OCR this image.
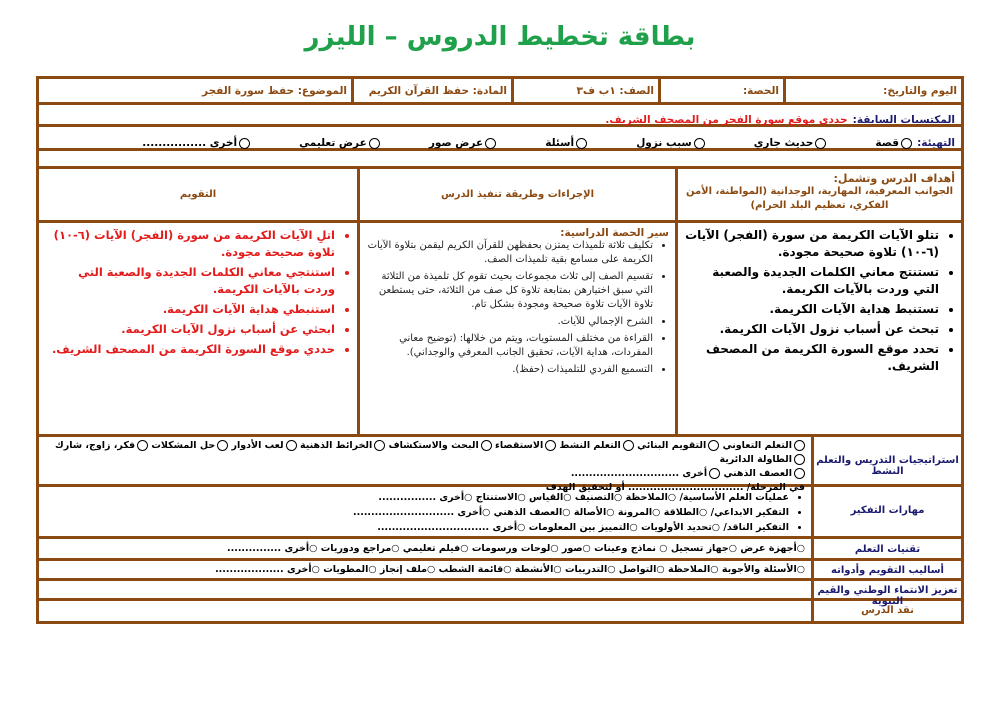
بطاقة تخطيط الدروس – الليزر
اليوم والتاريخ:
الحصة:
الصف: ١ب ف٣
المادة: حفظ القرآن الكريم
الموضوع: حفظ سورة الفجر
المكتسبات السابقة: حددي موقع سورة الفجر من المصحف الشريف.
التهيئة: قصة حديث جاري سبب نزول أسئلة عرض صور عرض تعليمي أخرى ................
أهداف الدرس وتشمل:
الجوانب المعرفية، المهارية، الوجدانية (المواطنة، الأمن
الفكري، تعظيم البلد الحرام)
الإجراءات وطريقة تنفيذ الدرس
التقويم
• تتلو الآيات الكريمة من سورة (الفجر) الآيات (٦-١٠) تلاوة صحيحة مجودة.
• تستنتج معاني الكلمات الجديدة والصعبة التي وردت بالآيات الكريمة.
• تستنبط هداية الآيات الكريمة.
• تبحث عن أسباب نزول الآيات الكريمة.
• تحدد موقع السورة الكريمة من المصحف الشريف.
سير الحصة الدراسية:
• تكليف ثلاثة تلميذات يمتزن بحفظهن للقرآن الكريم ليقمن بتلاوة الآيات الكريمة على مسامع بقية تلميذات الصف.
• تقسيم الصف إلى ثلاث مجموعات بحيث تقوم كل تلميذة من الثلاثة التي سبق اختيارهن بمتابعة تلاوة كل صف من الثلاثة، حتى يستطعن تلاوة الآيات تلاوة صحيحة ومجودة بشكل تام.
• الشرح الإجمالي للآيات.
• القراءة من مختلف المستويات، ويتم من خلالها: (توضيح معاني المفردات، هداية الآيات، تحقيق الجانب المعرفي والوجداني).
• التسميع الفردي للتلميذات (حفظ).
• اتلِ الآيات الكريمة من سورة (الفجر) الآيات (٦-١٠) تلاوة صحيحة مجودة.
• استنتجي معاني الكلمات الجديدة والصعبة التي وردت بالآيات الكريمة.
• استنبطي هداية الآيات الكريمة.
• ابحثي عن أسباب نزول الآيات الكريمة.
• حددي موقع السورة الكريمة من المصحف الشريف.
استراتيجيات التدريس والتعلم النشط
التعلم التعاوني التقويم البنائي التعلم النشط الاستقصاء البحث والاستكشاف الخرائط الذهنية لعب الأدوار حل المشكلات فكر، زاوج، شارك الطاولة الدائرية
العصف الذهني أخرى ..............................
في المرحلة/ ................................ أو لتحقيق الهدف
مهارات التفكير
• عمليات العلم الأساسية/ ○الملاحظة ○التصنيف ○القياس ○الاستنتاج ○أخرى ................
• التفكير الابداعي/ ○الطلاقة ○المرونة ○الأصالة ○العصف الذهني ○أخرى ............................
• التفكير الناقد/ ○تحديد الأولويات ○التمييز بين المعلومات ○أخرى ...............................
تقنيات التعلم
○أجهزة عرض ○جهاز تسجيل ○ نماذج وعينات ○صور ○لوحات ورسومات ○فيلم تعليمي ○مراجع ودوريات ○أخرى ...............
أساليب التقويم وأدواته
○الأسئلة والأجوبة ○الملاحظة ○التواصل ○التدريبات ○الأنشطة ○قائمة الشطب ○ملف إنجاز ○المطويات ○أخرى ...................
تعزيز الانتماء الوطني والقيم النبوية
نقد الدرس
